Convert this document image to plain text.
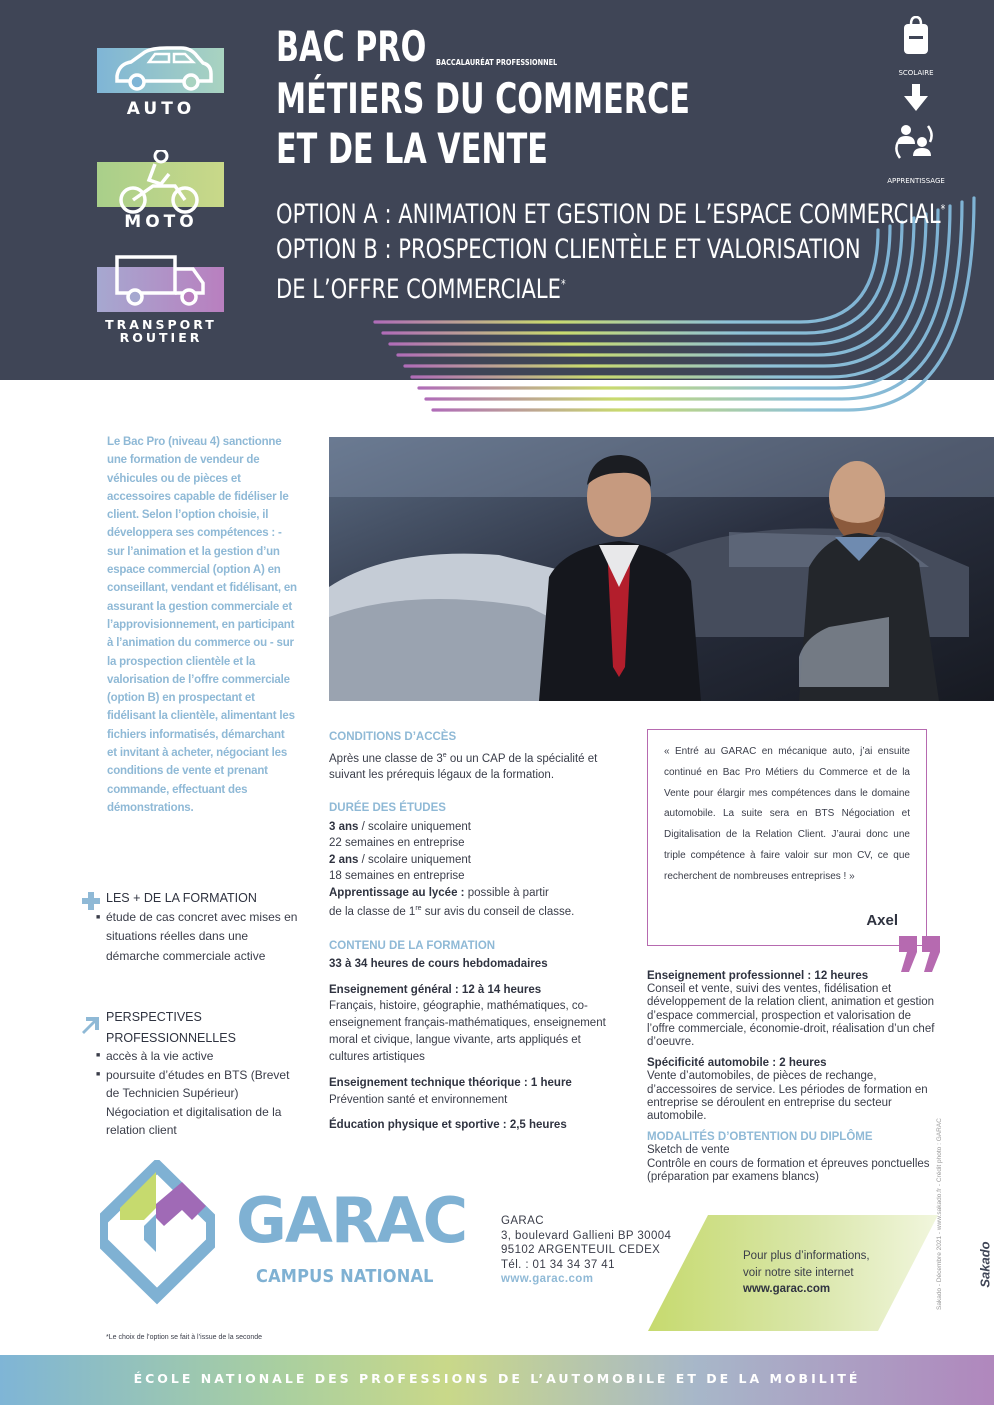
AUTO
MOTO
TRANSPORT ROUTIER
BAC PRO BACCALAURÉAT PROFESSIONNEL
MÉTIERS DU COMMERCE
ET DE LA VENTE
OPTION A : ANIMATION ET GESTION DE L’ESPACE COMMERCIAL*
OPTION B : PROSPECTION CLIENTÈLE ET VALORISATION
DE L’OFFRE COMMERCIALE*
SCOLAIRE
APPRENTISSAGE
Le Bac Pro (niveau 4) sanctionne une formation de vendeur de véhicules ou de pièces et accessoires capable de fidéliser le client. Selon l’option choisie, il développera ses compétences : - sur l’animation et la gestion d’un espace commercial (option A) en conseillant, vendant et fidélisant, en assurant la gestion commerciale et l’approvisionnement, en participant à l’animation du commerce ou - sur la prospection clientèle et la valorisation de l’offre commerciale (option B) en prospectant et fidélisant la clientèle, alimentant les fichiers informatisés, démarchant et invitant à acheter, négociant les conditions de vente et prenant commande, effectuant des démonstrations.
LES + DE LA FORMATION
■ étude de cas concret avec mises en situations réelles dans une démarche commerciale active
PERSPECTIVES
PROFESSIONNELLES
■ accès à la vie active
■ poursuite d’études en BTS (Brevet de Technicien Supérieur) Négociation et digitalisation de la relation client
CONDITIONS D’ACCÈS
Après une classe de 3e ou un CAP de la spécialité et suivant les prérequis légaux de la formation.
DURÉE DES ÉTUDES
3 ans / scolaire uniquement
22 semaines en entreprise
2 ans / scolaire uniquement
18 semaines en entreprise
Apprentissage au lycée : possible à partir
de la classe de 1re sur avis du conseil de classe.
CONTENU DE LA FORMATION
33 à 34 heures de cours hebdomadaires
Enseignement général : 12 à 14 heures
Français, histoire, géographie, mathématiques, co-enseignement français-mathématiques, enseignement moral et civique, langue vivante, arts appliqués et cultures artistiques
Enseignement technique théorique : 1 heure
Prévention santé et environnement
Éducation physique et sportive : 2,5 heures
« Entré au GARAC en mécanique auto, j’ai ensuite continué en Bac Pro Métiers du Commerce et de la Vente pour élargir mes compétences dans le domaine automobile. La suite sera en BTS Négociation et Digitalisation de la Relation Client. J’aurai donc une triple compétence à faire valoir sur mon CV, ce que recherchent de nombreuses entreprises ! »
Axel
Enseignement professionnel : 12 heures
Conseil et vente, suivi des ventes, fidélisation et développement de la relation client, animation et gestion d’espace commercial, prospection et valorisation de l’offre commerciale, économie-droit, réalisation d’un chef d’oeuvre.
Spécificité automobile : 2 heures
Vente d’automobiles, de pièces de rechange, d’accessoires de service. Les périodes de formation en entreprise se déroulent en entreprise du secteur automobile.
MODALITÉS D’OBTENTION DU DIPLÔME
Sketch de vente
Contrôle en cours de formation et épreuves ponctuelles (préparation par examens blancs)
GARAC
CAMPUS NATIONAL
GARAC
3, boulevard Gallieni BP 30004
95102 ARGENTEUIL CEDEX
Tél. : 01 34 34 37 41
www.garac.com
Pour plus d’informations,
voir notre site internet
www.garac.com
*Le choix de l’option se fait à l’issue de la seconde
Sakado - Décembre 2021 - www.sakado.fr - Crédit photo : GARAC	Sakado
ÉCOLE NATIONALE DES PROFESSIONS DE L’AUTOMOBILE ET DE LA MOBILITÉ
